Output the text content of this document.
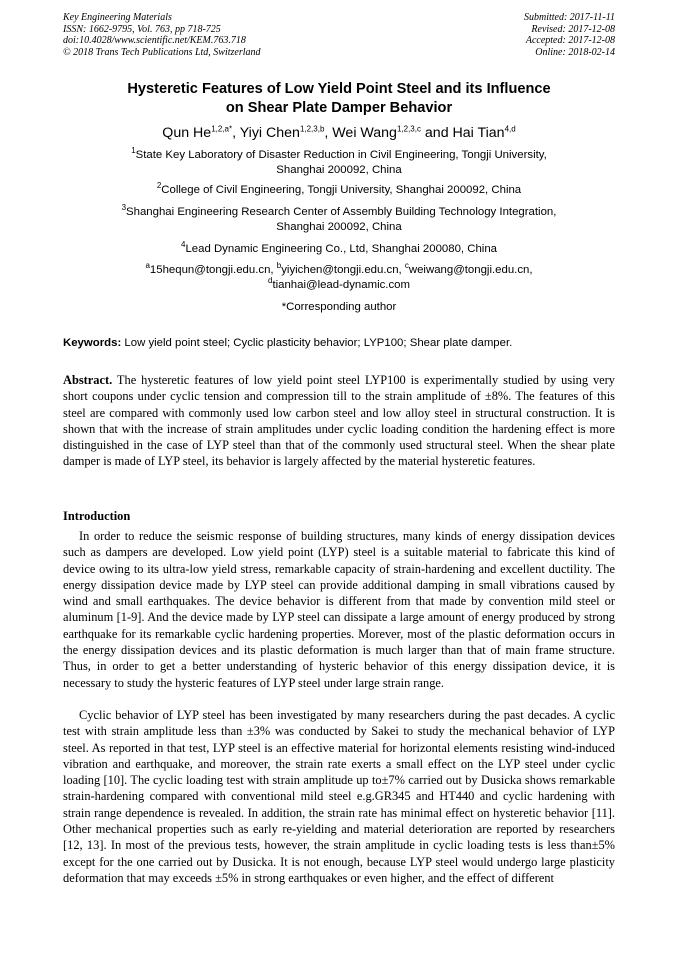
Key Engineering Materials
ISSN: 1662-9795, Vol. 763, pp 718-725
doi:10.4028/www.scientific.net/KEM.763.718
© 2018 Trans Tech Publications Ltd, Switzerland
Submitted: 2017-11-11
Revised: 2017-12-08
Accepted: 2017-12-08
Online: 2018-02-14
Hysteretic Features of Low Yield Point Steel and its Influence
on Shear Plate Damper Behavior
Qun $He^{1,2,a*}$, Yiyi Chen$^{1,2,3,b}$, Wei Wang$^{1,2,3,c}$ and Hai Tian$^{4,d}$
$^1$State Key Laboratory of Disaster Reduction in Civil Engineering, Tongji University,
Shanghai 200092, China
$^2$College of Civil Engineering, Tongji University, Shanghai 200092, China
$^3$Shanghai Engineering Research Center of Assembly Building Technology Integration,
Shanghai 200092, China
$^4$Lead Dynamic Engineering Co., Ltd, Shanghai 200080, China
$^a$15hequn@tongji.edu.cn, $^b$yiyichen@tongji.edu.cn, $^c$weiwang@tongji.edu.cn,
$^d$tianhai@lead-dynamic.com
*Corresponding author
Keywords: Low yield point steel; Cyclic plasticity behavior; LYP100; Shear plate damper.
Abstract. The hysteretic features of low yield point steel LYP100 is experimentally studied by using very short coupons under cyclic tension and compression till to the strain amplitude of ±8%. The features of this steel are compared with commonly used low carbon steel and low alloy steel in structural construction. It is shown that with the increase of strain amplitudes under cyclic loading condition the hardening effect is more distinguished in the case of LYP steel than that of the commonly used structural steel. When the shear plate damper is made of LYP steel, its behavior is largely affected by the material hysteretic features.
Introduction
In order to reduce the seismic response of building structures, many kinds of energy dissipation devices such as dampers are developed. Low yield point (LYP) steel is a suitable material to fabricate this kind of device owing to its ultra-low yield stress, remarkable capacity of strain-hardening and excellent ductility. The energy dissipation device made by LYP steel can provide additional damping in small vibrations caused by wind and small earthquakes. The device behavior is different from that made by convention mild steel or aluminum [1-9]. And the device made by LYP steel can dissipate a large amount of energy produced by strong earthquake for its remarkable cyclic hardening properties. Morever, most of the plastic deformation occurs in the energy dissipation devices and its plastic deformation is much larger than that of main frame structure. Thus, in order to get a better understanding of hysteric behavior of this energy dissipation device, it is necessary to study the hysteric features of LYP steel under large strain range.
Cyclic behavior of LYP steel has been investigated by many researchers during the past decades. A cyclic test with strain amplitude less than ±3% was conducted by Sakei to study the mechanical behavior of LYP steel. As reported in that test, LYP steel is an effective material for horizontal elements resisting wind-induced vibration and earthquake, and moreover, the strain rate exerts a small effect on the LYP steel under cyclic loading [10]. The cyclic loading test with strain amplitude up to±7% carried out by Dusicka shows remarkable strain-hardening compared with conventional mild steel e.g.GR345 and HT440 and cyclic hardening with strain range dependence is revealed. In addition, the strain rate has minimal effect on hysteretic behavior [11]. Other mechanical properties such as early re-yielding and material deterioration are reported by researchers [12, 13]. In most of the previous tests, however, the strain amplitude in cyclic loading tests is less than±5% except for the one carried out by Dusicka. It is not enough, because LYP steel would undergo large plasticity deformation that may exceeds ±5% in strong earthquakes or even higher, and the effect of different
